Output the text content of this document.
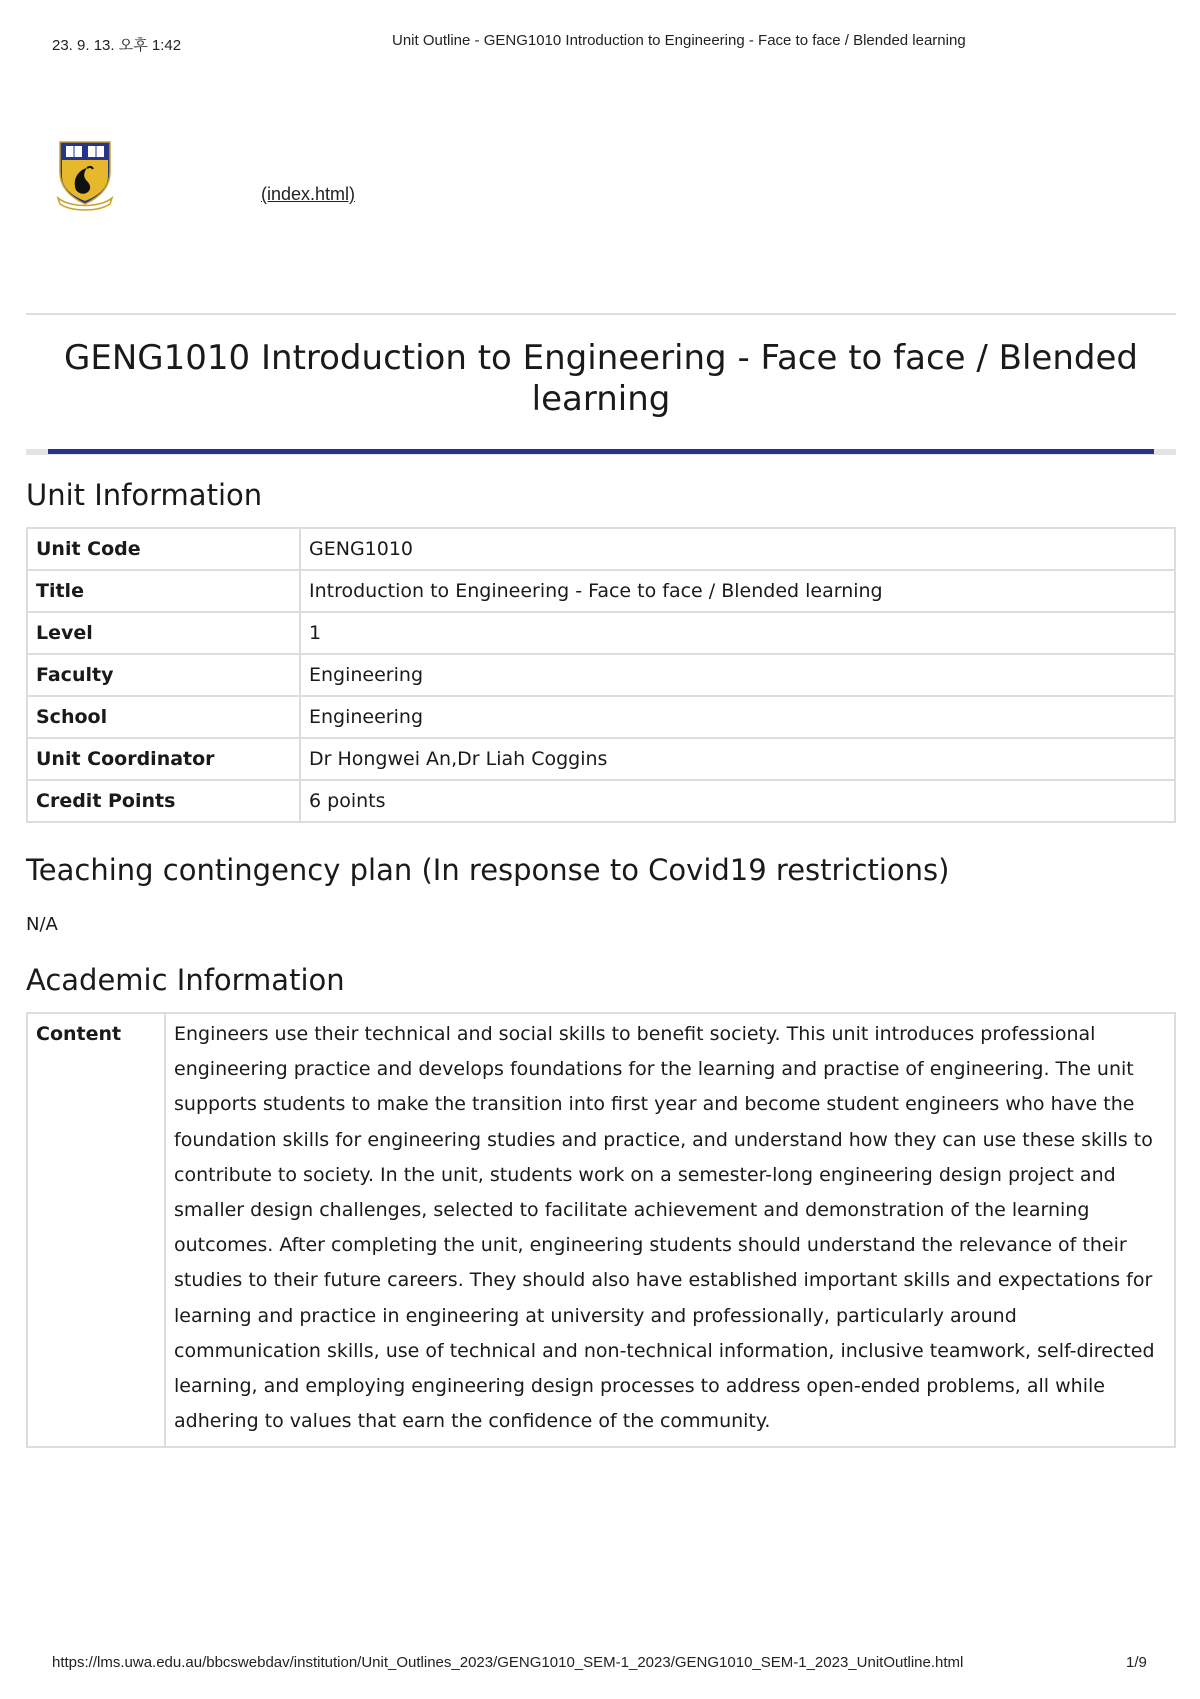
23. 9. 13. 오후 1:42	Unit Outline - GENG1010 Introduction to Engineering - Face to face / Blended learning
(index.html)
GENG1010 Introduction to Engineering - Face to face / Blended learning
Unit Information
Unit Code	GENG1010
Title	Introduction to Engineering - Face to face / Blended learning
Level	1
Faculty	Engineering
School	Engineering
Unit Coordinator	Dr Hongwei An,Dr Liah Coggins
Credit Points	6 points
Teaching contingency plan (In response to Covid19 restrictions)
N/A
Academic Information
Content	Engineers use their technical and social skills to benefit society. This unit introduces professional engineering practice and develops foundations for the learning and practise of engineering. The unit supports students to make the transition into first year and become student engineers who have the foundation skills for engineering studies and practice, and understand how they can use these skills to contribute to society. In the unit, students work on a semester-long engineering design project and smaller design challenges, selected to facilitate achievement and demonstration of the learning outcomes. After completing the unit, engineering students should understand the relevance of their studies to their future careers. They should also have established important skills and expectations for learning and practice in engineering at university and professionally, particularly around communication skills, use of technical and non-technical information, inclusive teamwork, self-directed learning, and employing engineering design processes to address open-ended problems, all while adhering to values that earn the confidence of the community.
https://lms.uwa.edu.au/bbcswebdav/institution/Unit_Outlines_2023/GENG1010_SEM-1_2023/GENG1010_SEM-1_2023_UnitOutline.html	1/9
